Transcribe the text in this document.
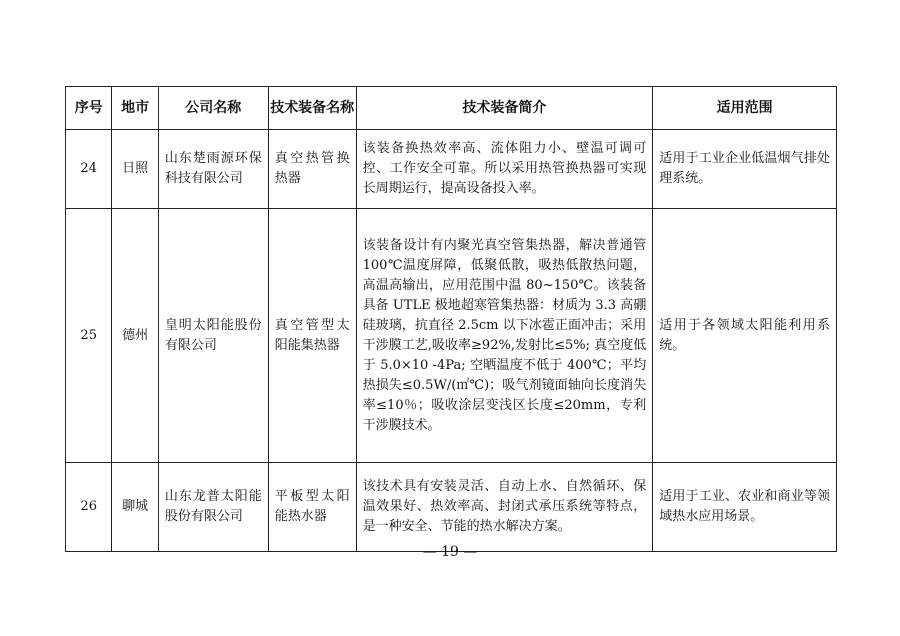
序号	地市	公司名称	技术装备名称	技术装备简介	适用范围
24	日照	山东楚雨源环保科技有限公司	真空热管换热器	该装备换热效率高、流体阻力小、壁温可调可控、工作安全可靠。所以采用热管换热器可实现长周期运行，提高设备投入率。	适用于工业企业低温烟气排处理系统。
25	德州	皇明太阳能股份有限公司	真空管型太阳能集热器	该装备设计有内聚光真空管集热器，解决普通管 100℃温度屏障，低聚低散，吸热低散热问题，高温高输出，应用范围中温 80~150℃。该装备具备 UTLE 极地超寒管集热器：材质为 3.3 高硼硅玻璃，抗直径 2.5cm 以下冰雹正面冲击；采用干涉膜工艺,吸收率≥92%,发射比≤5%; 真空度低于 5.0×10 -4Pa; 空晒温度不低于 400℃；平均热损失≤0.5W/(㎡℃)；吸气剂镜面轴向长度消失率≤10％；吸收涂层变浅区长度≤20mm，专利干涉膜技术。	适用于各领域太阳能利用系统。
26	聊城	山东龙普太阳能股份有限公司	平板型太阳能热水器	该技术具有安装灵活、自动上水、自然循环、保温效果好、热效率高、封闭式承压系统等特点，是一种安全、节能的热水解决方案。	适用于工业、农业和商业等领域热水应用场景。
— 19 —
